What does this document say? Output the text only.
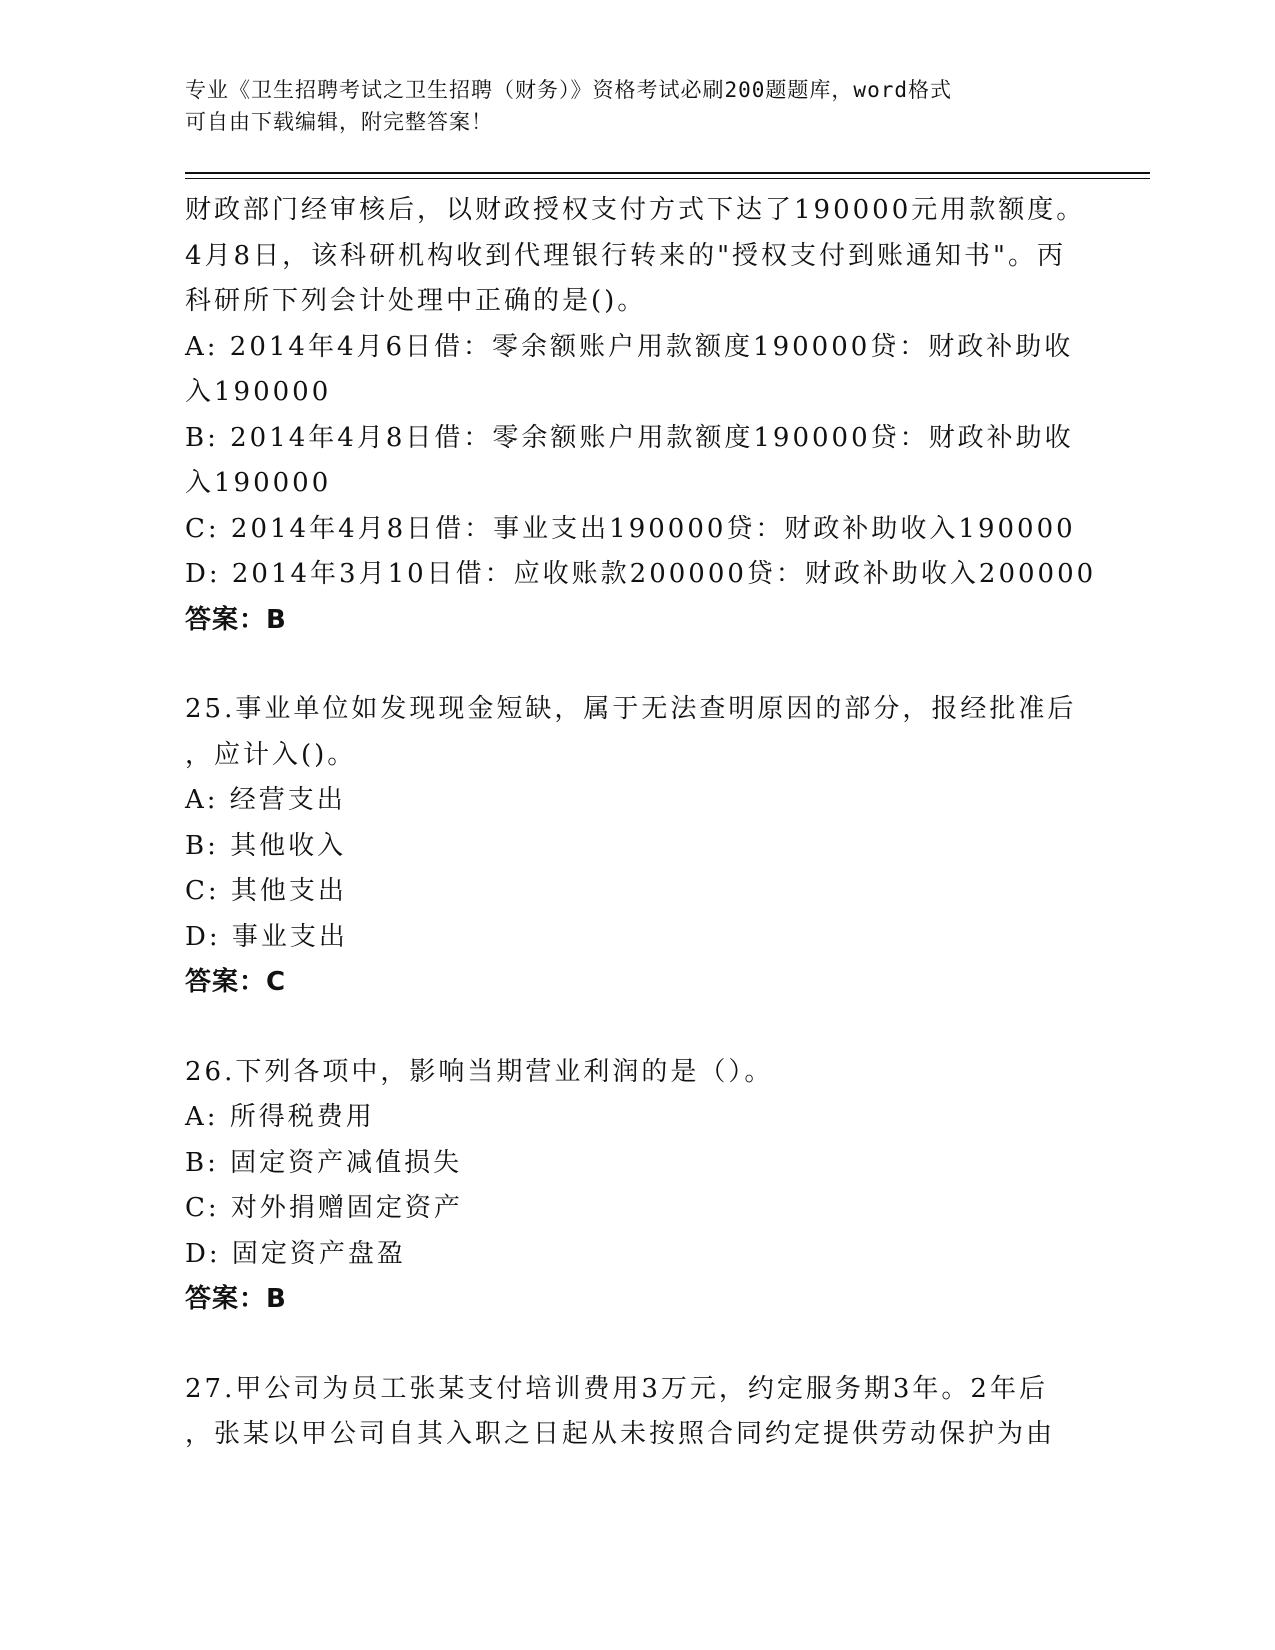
专业《卫生招聘考试之卫生招聘（财务）》资格考试必刷200题题库，word格式
可自由下载编辑，附完整答案！
财政部门经审核后，以财政授权支付方式下达了190000元用款额度。
4月8日，该科研机构收到代理银行转来的"授权支付到账通知书"。丙
科研所下列会计处理中正确的是()。
A: 2014年4月6日借：零余额账户用款额度190000贷：财政补助收
入190000
B: 2014年4月8日借：零余额账户用款额度190000贷：财政补助收
入190000
C: 2014年4月8日借：事业支出190000贷：财政补助收入190000
D: 2014年3月10日借：应收账款200000贷：财政补助收入200000
答案：B
25.事业单位如发现现金短缺，属于无法查明原因的部分，报经批准后
，应计入()。
A: 经营支出
B: 其他收入
C: 其他支出
D: 事业支出
答案：C
26.下列各项中，影响当期营业利润的是（）。
A: 所得税费用
B: 固定资产减值损失
C: 对外捐赠固定资产
D: 固定资产盘盈
答案：B
27.甲公司为员工张某支付培训费用3万元，约定服务期3年。2年后
，张某以甲公司自其入职之日起从未按照合同约定提供劳动保护为由
